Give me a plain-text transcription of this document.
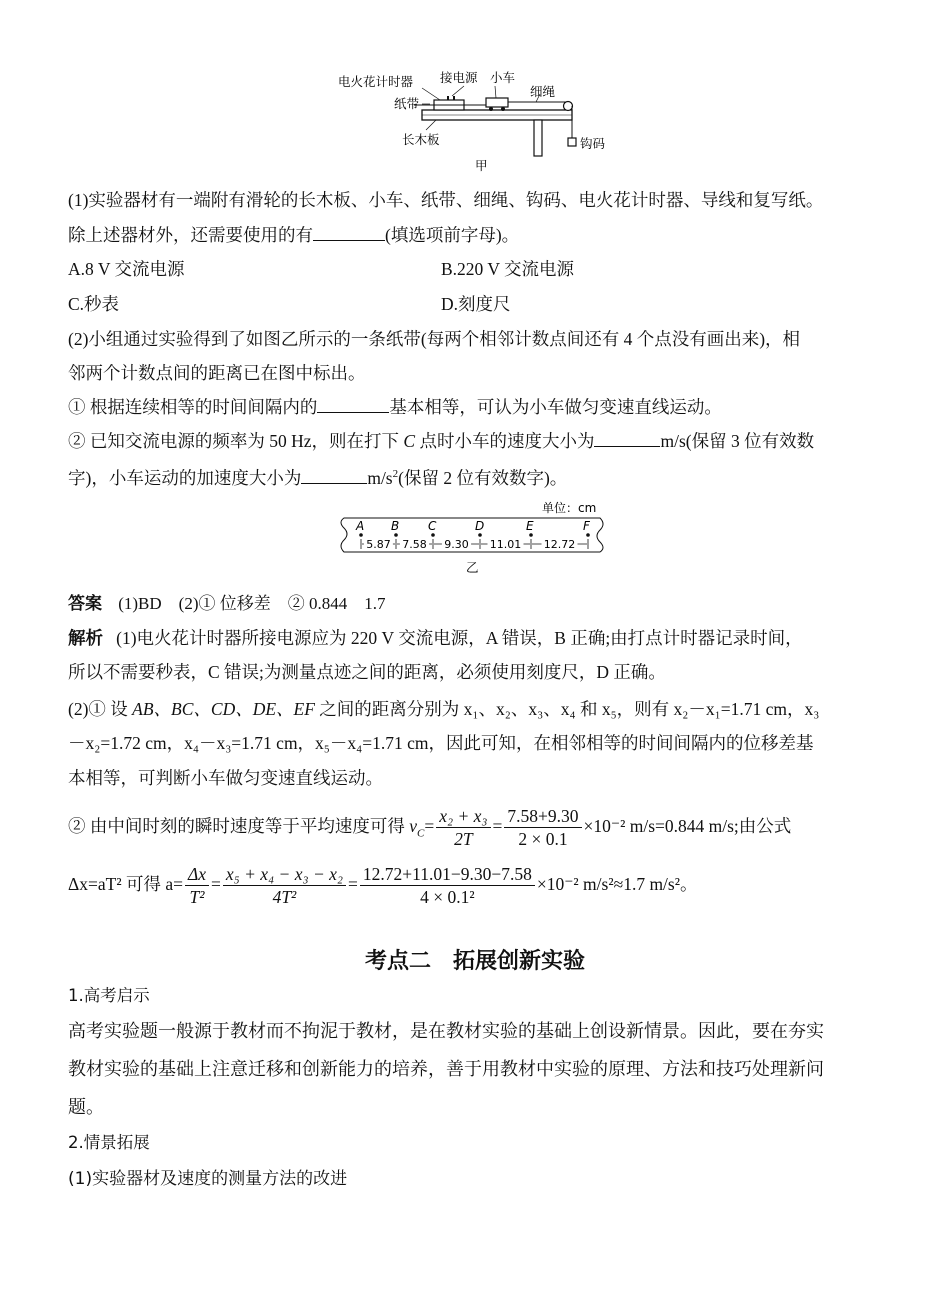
电火花计时器 接电源 小车
细绳
纸带
长木板	钩码
甲
(1)实验器材有一端附有滑轮的长木板、小车、纸带、细绳、钩码、电火花计时器、导线和复写纸。
除上述器材外，还需要使用的有	(填选项前字母)。
A.8 V 交流电源	B.220 V 交流电源
C.秒表	D.刻度尺
(2)小组通过实验得到了如图乙所示的一条纸带(每两个相邻计数点间还有 4 个点没有画出来)，相
邻两个计数点间的距离已在图中标出。
① 根据连续相等的时间间隔内的	基本相等，可认为小车做匀变速直线运动。
② 已知交流电源的频率为 50 Hz，则在打下 C 点时小车的速度大小为	m/s(保留 3 位有效数
字)，小车运动的加速度大小为	$m/s^2$(保留 2 位有效数字)。
单位：cm
A B C	D	E	F
5.87 7.58 9.30 11.01 12.72
乙
答案 (1)BD　(2)① 位移差　② 0.844　1.7
解析 (1)电火花计时器所接电源应为 220 V 交流电源，A 错误，B 正确;由打点计时器记录时间，
所以不需要秒表，C 错误;为测量点迹之间的距离，必须使用刻度尺，D 正确。
(2)① 设 AB、BC、CD、DE、EF 之间的距离分别为 x₁、x₂、x₃、x₄ 和 x₅，则有 x₂－x₁=1.71 cm，x₃
－x₂=1.72 cm，x₄－x₃=1.71 cm，x₅－x₄=1.71 cm，因此可知，在相邻相等的时间间隔内的位移差基
本相等，可判断小车做匀变速直线运动。
② 由中间时刻的瞬时速度等于平均速度可得 $v_C= \frac{\text{x₂ + x₃}}{2T} = \frac{7.58+9.30}{2 \times 0.1} \times 10^{-2}$ m/s=0.844 m/s;由公式
Δx=aT² 可得 $a= \frac{\Delta x}{\text{T²}} = \frac{\text{x₅ + x₄ − x₃ − x₂}}{\text{4T²}} = \frac{12.72+11.01-9.30-7.58}{\text{4 × 0.1²}} \times 10^{-2}$ m/s²≈1.7 m/s²。
考点二　拓展创新实验
1.高考启示
高考实验题一般源于教材而不拘泥于教材，是在教材实验的基础上创设新情景。因此，要在夯实
教材实验的基础上注意迁移和创新能力的培养，善于用教材中实验的原理、方法和技巧处理新问
题。
2.情景拓展
(1)实验器材及速度的测量方法的改进
